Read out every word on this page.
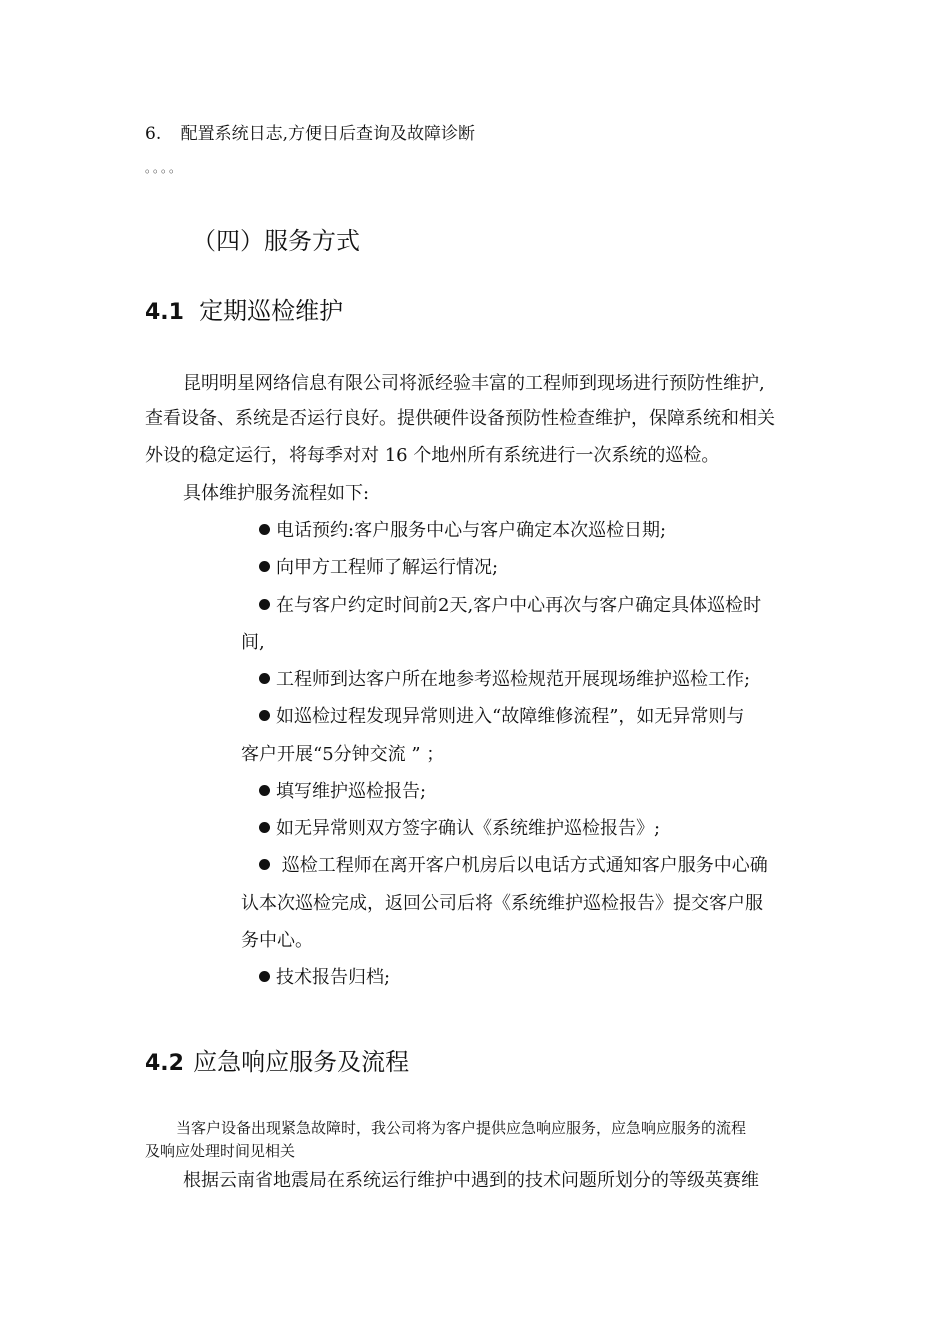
6. 配置系统日志,方便日后查询及故障诊断
。。。。
（四）服务方式
4.1 定期巡检维护
昆明明星网络信息有限公司将派经验丰富的工程师到现场进行预防性维护,
查看设备、系统是否运行良好。提供硬件设备预防性检查维护，保障系统和相关
外设的稳定运行，将每季对对 16 个地州所有系统进行一次系统的巡检。
具体维护服务流程如下:
电话预约:客户服务中心与客户确定本次巡检日期;
向甲方工程师了解运行情况;
在与客户约定时间前2天,客户中心再次与客户确定具体巡检时
间,
工程师到达客户所在地参考巡检规范开展现场维护巡检工作;
如巡检过程发现异常则进入“故障维修流程”，如无异常则与
客户开展“5分钟交流 ” ；
填写维护巡检报告;
如无异常则双方签字确认《系统维护巡检报告》;
巡检工程师在离开客户机房后以电话方式通知客户服务中心确
认本次巡检完成，返回公司后将《系统维护巡检报告》提交客户服
务中心。
技术报告归档;
4.2 应急响应服务及流程
当客户设备出现紧急故障时，我公司将为客户提供应急响应服务，应急响应服务的流程
及响应处理时间见相关
根据云南省地震局在系统运行维护中遇到的技术问题所划分的等级英赛维
